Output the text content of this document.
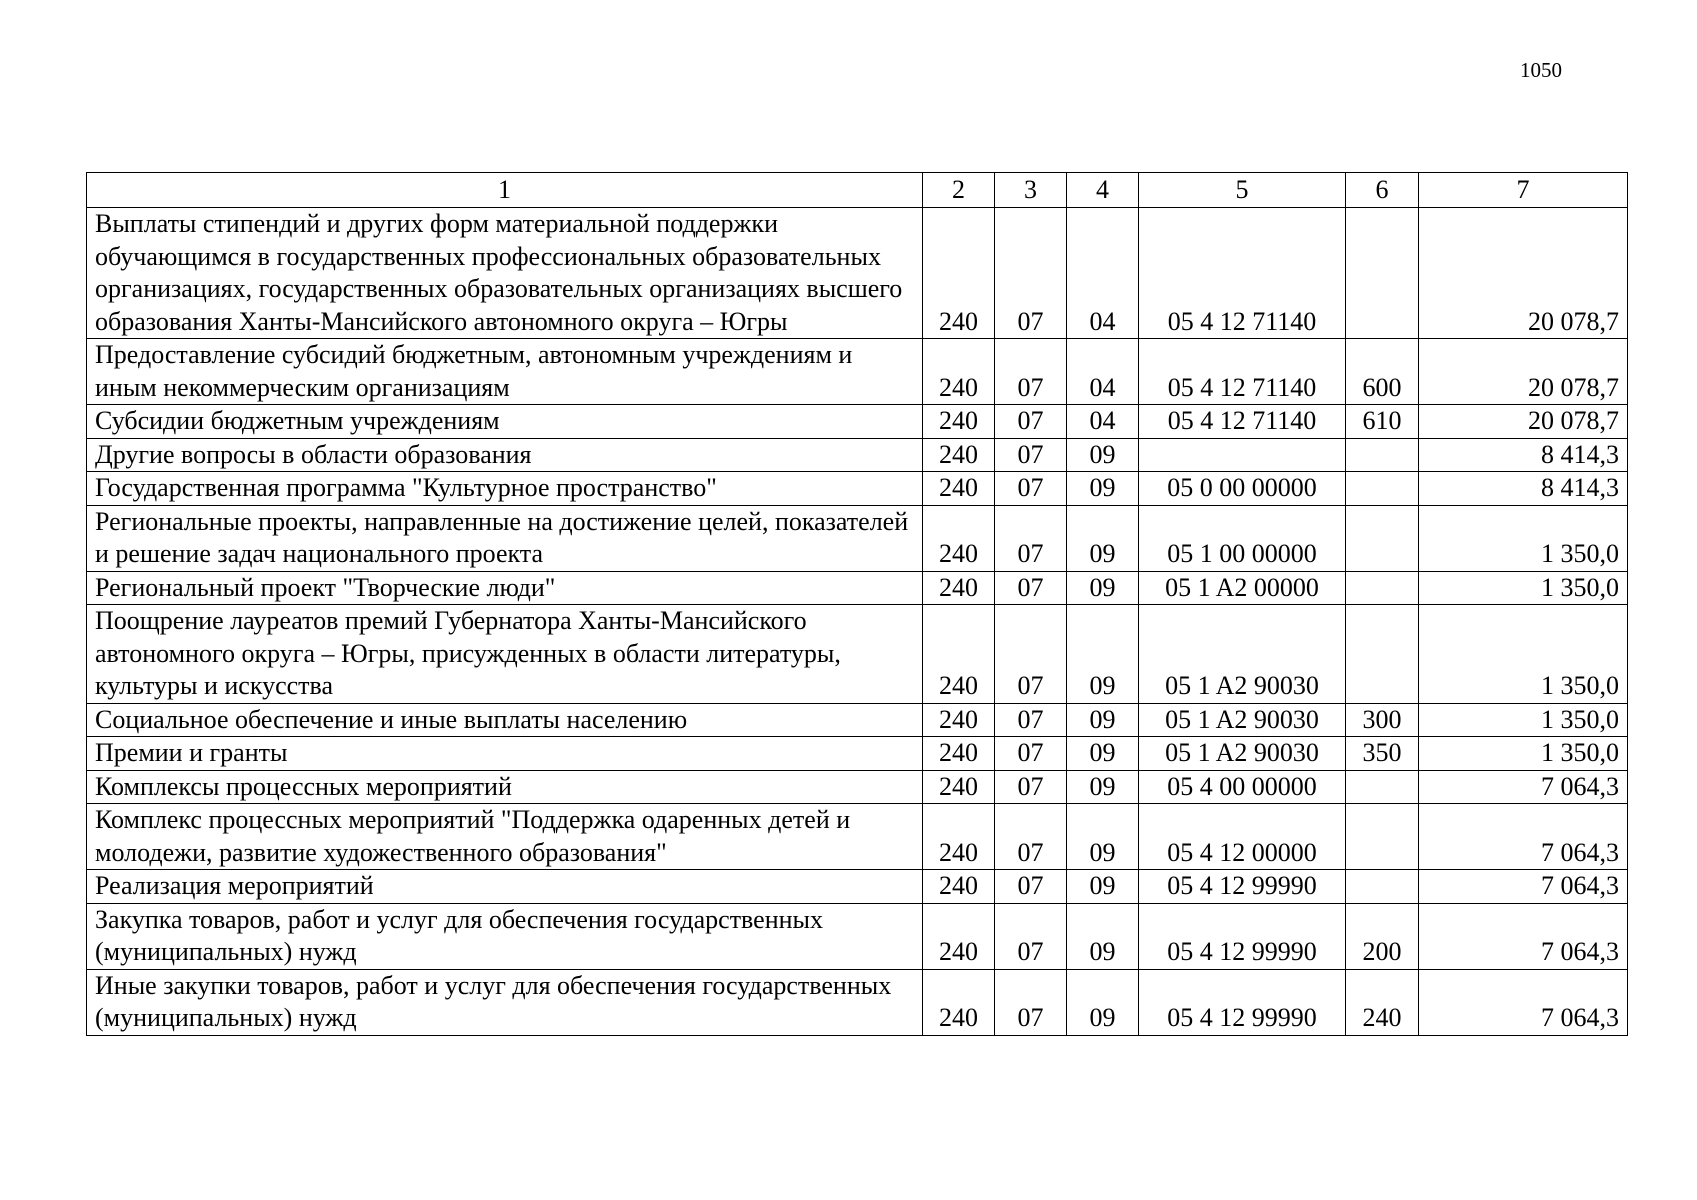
1050
1	2	3	4	5	6	7
Выплаты стипендий и других форм материальной поддержки обучающимся в государственных профессиональных образовательных организациях, государственных образовательных организациях высшего образования Ханты-Мансийского автономного округа – Югры	240	07	04	05 4 12 71140		20 078,7
Предоставление субсидий бюджетным, автономным учреждениям и иным некоммерческим организациям	240	07	04	05 4 12 71140	600	20 078,7
Субсидии бюджетным учреждениям	240	07	04	05 4 12 71140	610	20 078,7
Другие вопросы в области образования	240	07	09			8 414,3
Государственная программа "Культурное пространство"	240	07	09	05 0 00 00000		8 414,3
Региональные проекты, направленные на достижение целей, показателей и решение задач национального проекта	240	07	09	05 1 00 00000		1 350,0
Региональный проект "Творческие люди"	240	07	09	05 1 A2 00000		1 350,0
Поощрение лауреатов премий Губернатора Ханты-Мансийского автономного округа – Югры, присужденных в области литературы, культуры и искусства	240	07	09	05 1 A2 90030		1 350,0
Социальное обеспечение и иные выплаты населению	240	07	09	05 1 A2 90030	300	1 350,0
Премии и гранты	240	07	09	05 1 A2 90030	350	1 350,0
Комплексы процессных мероприятий	240	07	09	05 4 00 00000		7 064,3
Комплекс процессных мероприятий "Поддержка одаренных детей и молодежи, развитие художественного образования"	240	07	09	05 4 12 00000		7 064,3
Реализация мероприятий	240	07	09	05 4 12 99990		7 064,3
Закупка товаров, работ и услуг для обеспечения государственных (муниципальных) нужд	240	07	09	05 4 12 99990	200	7 064,3
Иные закупки товаров, работ и услуг для обеспечения государственных (муниципальных) нужд	240	07	09	05 4 12 99990	240	7 064,3
